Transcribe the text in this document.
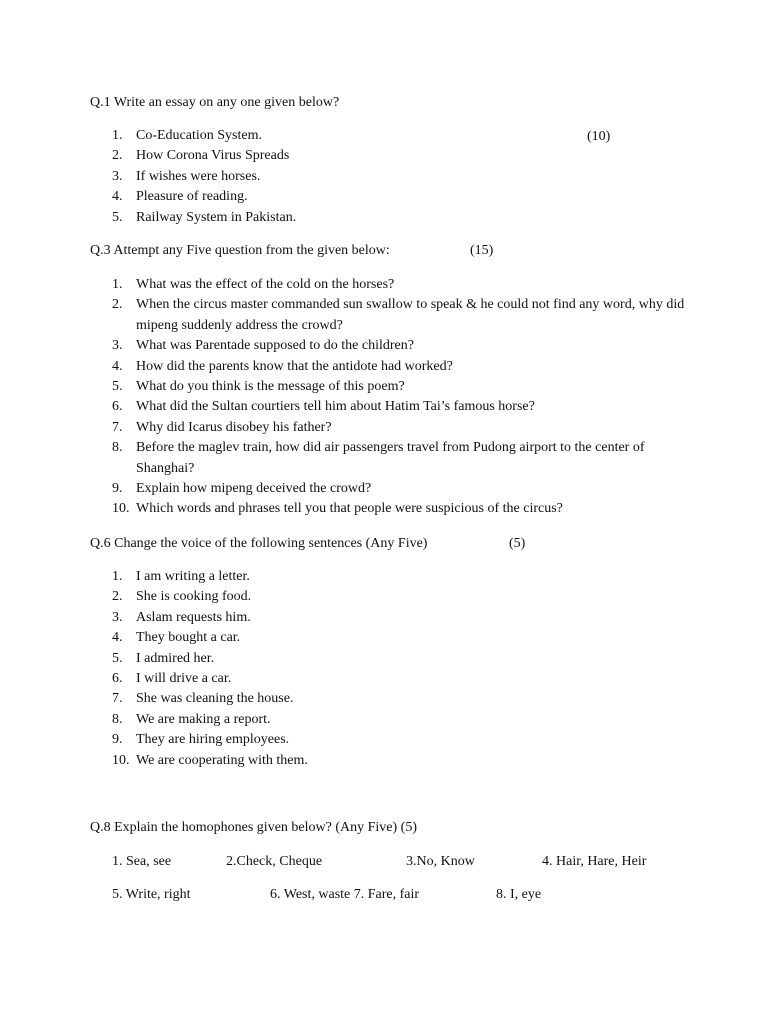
Q.1 Write an essay on any one given below?
(10)
1. Co-Education System.
2. How Corona Virus Spreads
3. If wishes were horses.
4. Pleasure of reading.
5. Railway System in Pakistan.
Q.3 Attempt any Five question from the given below:	(15)
1. What was the effect of the cold on the horses?
2. When the circus master commanded sun swallow to speak & he could not find any word, why did mipeng suddenly address the crowd?
3. What was Parentade supposed to do the children?
4. How did the parents know that the antidote had worked?
5. What do you think is the message of this poem?
6. What did the Sultan courtiers tell him about Hatim Tai’s famous horse?
7. Why did Icarus disobey his father?
8. Before the maglev train, how did air passengers travel from Pudong airport to the center of Shanghai?
9. Explain how mipeng deceived the crowd?
10. Which words and phrases tell you that people were suspicious of the circus?
Q.6 Change the voice of the following sentences (Any Five)	(5)
1. I am writing a letter.
2. She is cooking food.
3. Aslam requests him.
4. They bought a car.
5. I admired her.
6. I will drive a car.
7. She was cleaning the house.
8. We are making a report.
9. They are hiring employees.
10. We are cooperating with them.
Q.8 Explain the homophones given below? (Any Five) (5)
1. Sea, see	2.Check, Cheque	3.No, Know	4. Hair, Hare, Heir
5. Write, right	6. West, waste 7. Fare, fair	8. I, eye
